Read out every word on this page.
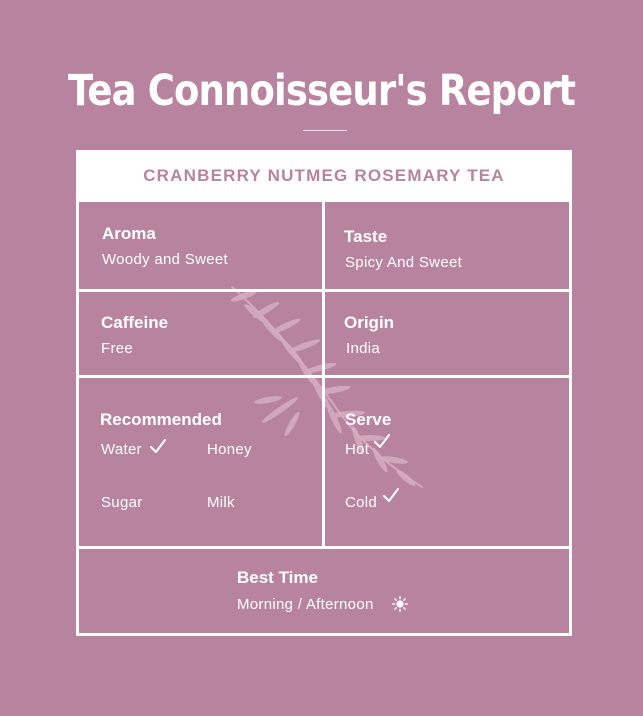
Tea Connoisseur's Report
CRANBERRY NUTMEG ROSEMARY TEA
Aroma
Woody and Sweet
Taste
Spicy And Sweet
Caffeine
Free
Origin
India
Recommended
Water	Honey
Sugar	Milk
Serve
Hot
Cold
Best Time
Morning / Afternoon
